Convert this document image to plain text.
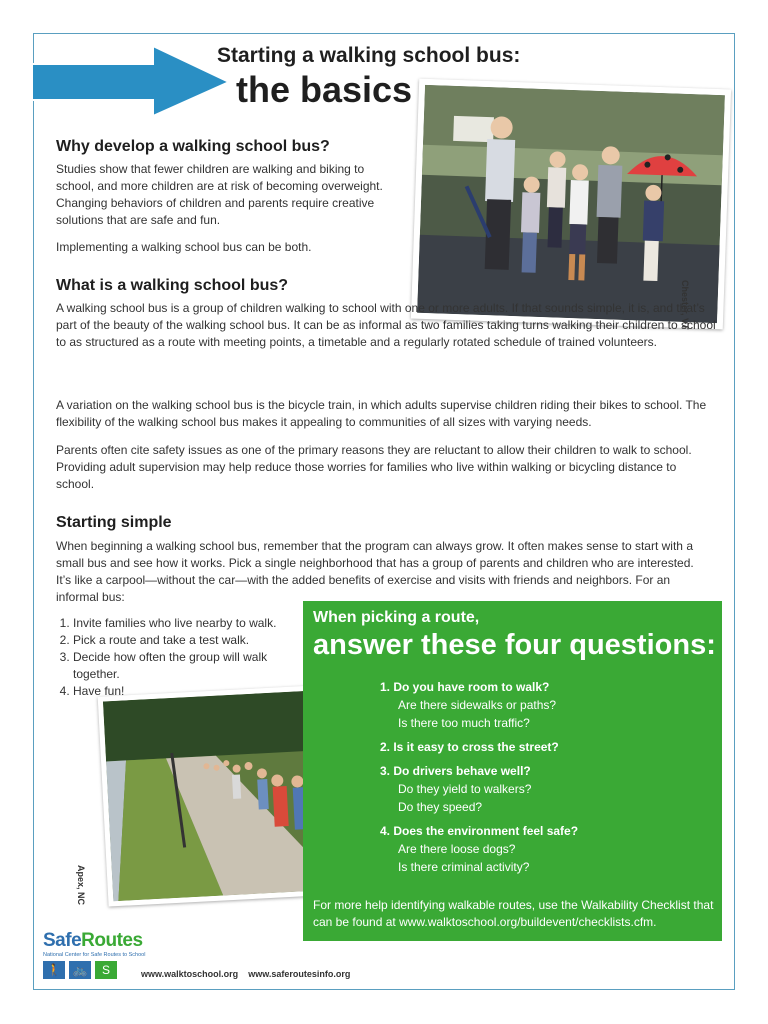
Starting a walking school bus:

the basics

Chester, VT
Why develop a walking school bus?

Studies show that fewer children are walking and biking to school, and more children are at risk of becoming overweight. Changing behaviors of children and parents require creative solutions that are safe and fun.

Implementing a walking school bus can be both.

What is a walking school bus?

A walking school bus is a group of children walking to school with one or more adults. If that sounds simple, it is, and that’s part of the beauty of the walking school bus. It can be as informal as two families taking turns walking their children to school to as structured as a route with meeting points, a timetable and a regularly rotated schedule of trained volunteers.

A variation on the walking school bus is the bicycle train, in which adults supervise children riding their bikes to school. The flexibility of the walking school bus makes it appealing to communities of all sizes with varying needs.

Parents often cite safety issues as one of the primary reasons they are reluctant to allow their children to walk to school. Providing adult supervision may help reduce those worries for families who live within walking or bicycling distance to school.

Starting simple

When beginning a walking school bus, remember that the program can always grow. It often makes sense to start with a small bus and see how it works. Pick a single neighborhood that has a group of parents and children who are interested. It’s like a carpool—without the car—with the added benefits of exercise and visits with friends and neighbors. For an informal bus:

1. Invite families who live nearby to walk.
2. Pick a route and take a test walk.
3. Decide how often the group will walk together.
4. Have fun!
Apex, NC

When picking a route,

answer these four questions:

1. Do you have room to walk?
Are there sidewalks or paths?
Is there too much traffic?
2. Is it easy to cross the street?
3. Do drivers behave well?
Do they yield to walkers?
Do they speed?
4. Does the environment feel safe?
Are there loose dogs?
Is there criminal activity?

For more help identifying walkable routes, use the Walkability Checklist that can be found at www.walktoschool.org/buildevent/checklists.cfm.

SafeRoutes
National Center for Safe Routes to School
🚶 🚲	S	www.walktoschool.org www.saferoutesinfo.org
